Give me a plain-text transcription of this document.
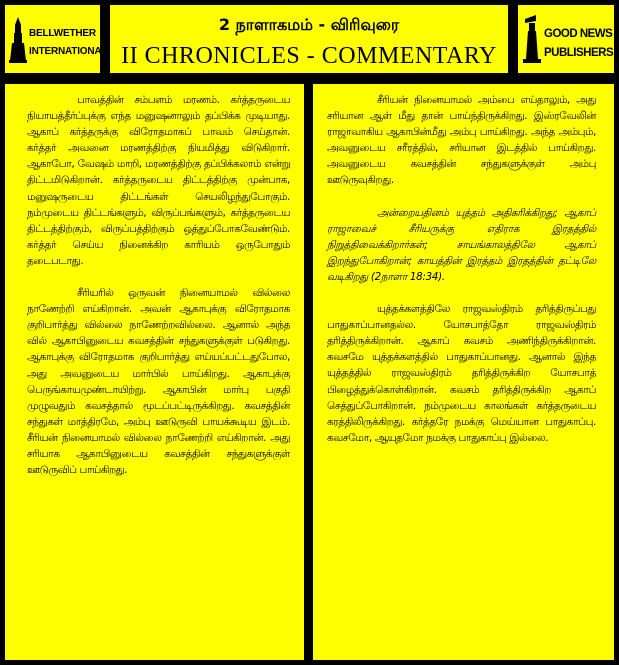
BELLWETHER
INTERNATIONAL
2 நாளாகமம் - விரிவுரை
II CHRONICLES - COMMENTARY
GOOD NEWS
PUBLISHERS

பாவத்தின் சம்பளம் மரணம். கர்த்தருடைய நியாயத்தீர்ப்புக்கு எந்த மனுஷனாலும் தப்பிக்க முடியாது. ஆகாப் கர்த்தருக்கு விரோதமாகப் பாவம் செய்தான். கர்த்தர் அவனை மரணத்திற்கு நியமித்து விடுகிறார். ஆகாபோ, வேஷம் மாறி, மரணத்திற்கு தப்பிக்கலாம் என்று திட்டமிடுகிறான். கர்த்தருடைய திட்டத்திற்கு முன்பாக, மனுஷருடைய திட்டங்கள் செயலிழந்துபோகும். நம்முடைய திட்டங்களும், விருப்பங்களும், கர்த்தருடைய திட்டத்திற்கும், விருப்பத்திற்கும் ஒத்துப்போகவேண்டும். கர்த்தர் செய்ய நினைக்கிற காரியம் ஒருபோதும் தடைபடாது.

சீரியரில் ஒருவன் நினையாமல் வில்லை நாணேற்றி எய்கிறான். அவன் ஆகாபுக்கு விரோதமாக குறிபார்த்து வில்லை நாணேற்றவில்லை. ஆனால் அந்த வில் ஆகாபினுடைய கவசத்தின் சந்துகளுக்குள் படுகிறது. ஆகாபுக்கு விரோதமாக குறிபார்த்து எய்யப்பட்டதுபோல, அது அவனுடைய மார்பில் பாய்கிறது. ஆகாபுக்கு பெருங்காயமுண்டாயிற்று. ஆகாபின் மார்பு பகுதி முழுவதும் கவசத்தால் மூடப்பட்டிருக்கிறது. கவசத்தின் சந்துகள் மாத்திரமே, அம்பு ஊடுருவி பாயக்கூடிய இடம். சீரியன் நினையாமல் வில்லை நாணேற்றி எய்கிறான். அது சரியாக ஆகாபினுடைய கவசத்தின் சந்துகளுக்குள் ஊடுருவிப் பாய்கிறது.

சீரியன் நினையாமல் அம்பை எய்தாலும், அது சரியான ஆள் மீது தான் பாய்ந்திருக்கிறது. இஸ்ரவேலின் ராஜாவாகிய ஆகாபின்மீது அம்பு பாய்கிறது. அந்த அம்பும், அவனுடைய சரீரத்தில், சரியான இடத்தில் பாய்கிறது. அவனுடைய கவசத்தின் சந்துகளுக்குள் அம்பு ஊடுருவுகிறது.

அன்றையதினம் யுத்தம் அதிகரிக்கிறது; ஆகாப் ராஜாவைச் சீரியருக்கு எதிராக இரதத்தில் நிறுத்திவைக்கிறார்கள்; சாயங்காலத்திலே ஆகாப் இறந்துபோகிறான்; காயத்தின் இரத்தம் இரதத்தின் தட்டிலே வடிகிறது (2நாளா 18:34).

யுத்தக்களத்திலே ராஜவஸ்திரம் தரித்திருப்பது பாதுகாப்பானதல்ல. யோசபாத்தோ ராஜவஸ்திரம் தரித்திருக்கிறான். ஆகாப் கவசம் அணிந்திருக்கிறான். கவசமே யுத்தக்களத்தில் பாதுகாப்பானது. ஆனால் இந்த யுத்தத்தில் ராஜவஸ்திரம் தரித்திருக்கிற யோசபாத் பிழைத்துக்கொள்கிறான். கவசம் தரித்திருக்கிற ஆகாப் செத்துப்போகிறான். நம்முடைய காலங்கள் கர்த்தருடைய கரத்திலிருக்கிறது. கர்த்தரே நமக்கு மெய்யான பாதுகாப்பு. கவசமோ, ஆயுதமோ நமக்கு பாதுகாப்பு இல்லை.
